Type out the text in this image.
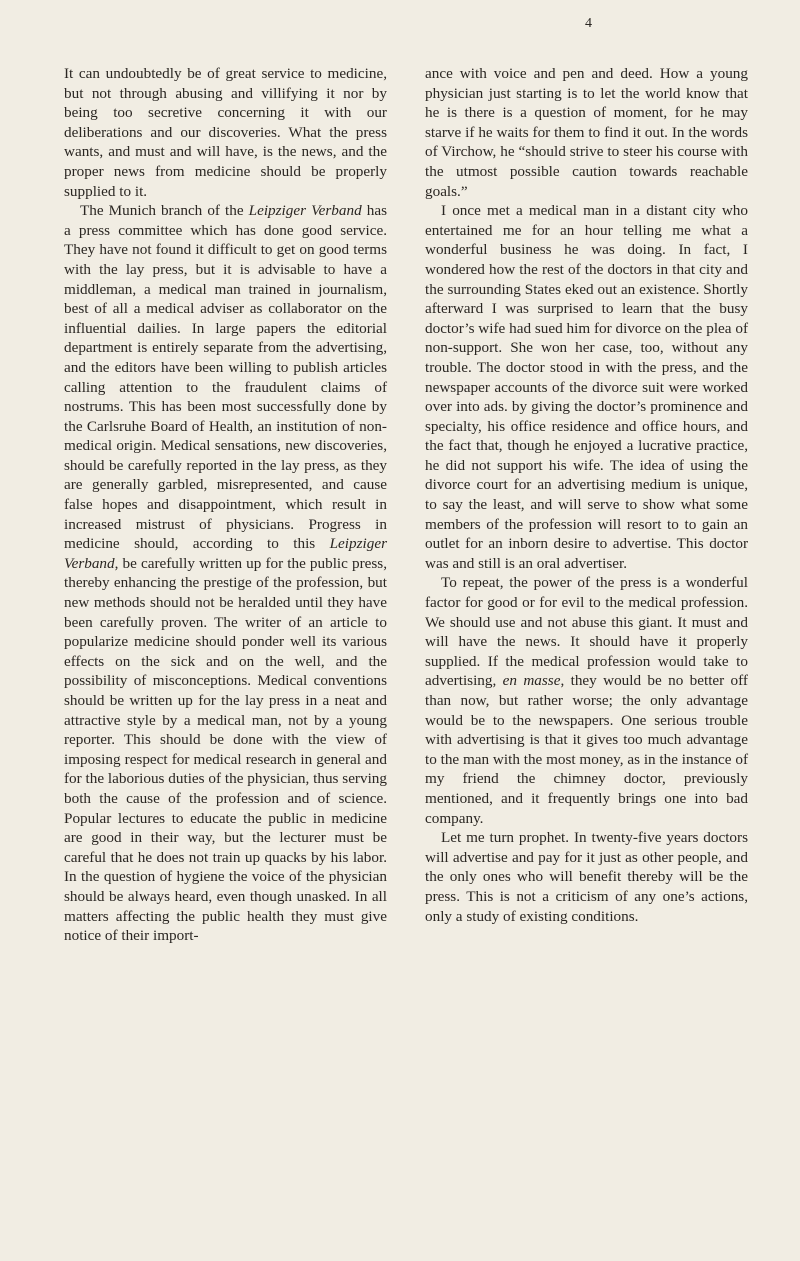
4

It can undoubtedly be of great service to medicine, but not through abusing and villifying it nor by being too secretive concerning it with our deliberations and our discoveries. What the press wants, and must and will have, is the news, and the proper news from medicine should be properly supplied to it.

The Munich branch of the Leipziger Verband has a press committee which has done good service. They have not found it difficult to get on good terms with the lay press, but it is advisable to have a middleman, a medical man trained in journalism, best of all a medical adviser as collaborator on the influential dailies. In large papers the editorial department is entirely separate from the advertising, and the editors have been willing to publish articles calling attention to the fraudulent claims of nostrums. This has been most successfully done by the Carlsruhe Board of Health, an institution of non-medical origin. Medical sensations, new discoveries, should be carefully reported in the lay press, as they are generally garbled, misrepresented, and cause false hopes and disappointment, which result in increased mistrust of physicians. Progress in medicine should, according to this Leipziger Verband, be carefully written up for the public press, thereby enhancing the prestige of the profession, but new methods should not be heralded until they have been carefully proven. The writer of an article to popularize medicine should ponder well its various effects on the sick and on the well, and the possibility of misconceptions. Medical conventions should be written up for the lay press in a neat and attractive style by a medical man, not by a young reporter. This should be done with the view of imposing respect for medical research in general and for the laborious duties of the physician, thus serving both the cause of the profession and of science. Popular lectures to educate the public in medicine are good in their way, but the lecturer must be careful that he does not train up quacks by his labor. In the question of hygiene the voice of the physician should be always heard, even though unasked. In all matters affecting the public health they must give notice of their import-

ance with voice and pen and deed. How a young physician just starting is to let the world know that he is there is a question of moment, for he may starve if he waits for them to find it out. In the words of Virchow, he “should strive to steer his course with the utmost possible caution towards reachable goals.”

I once met a medical man in a distant city who entertained me for an hour telling me what a wonderful business he was doing. In fact, I wondered how the rest of the doctors in that city and the surrounding States eked out an existence. Shortly afterward I was surprised to learn that the busy doctor’s wife had sued him for divorce on the plea of non-support. She won her case, too, without any trouble. The doctor stood in with the press, and the newspaper accounts of the divorce suit were worked over into ads. by giving the doctor’s prominence and specialty, his office residence and office hours, and the fact that, though he enjoyed a lucrative practice, he did not support his wife. The idea of using the divorce court for an advertising medium is unique, to say the least, and will serve to show what some members of the profession will resort to to gain an outlet for an inborn desire to advertise. This doctor was and still is an oral advertiser.

To repeat, the power of the press is a wonderful factor for good or for evil to the medical profession. We should use and not abuse this giant. It must and will have the news. It should have it properly supplied. If the medical profession would take to advertising, en masse, they would be no better off than now, but rather worse; the only advantage would be to the newspapers. One serious trouble with advertising is that it gives too much advantage to the man with the most money, as in the instance of my friend the chimney doctor, previously mentioned, and it frequently brings one into bad company.

Let me turn prophet. In twenty-five years doctors will advertise and pay for it just as other people, and the only ones who will benefit thereby will be the press. This is not a criticism of any one’s actions, only a study of existing conditions.
